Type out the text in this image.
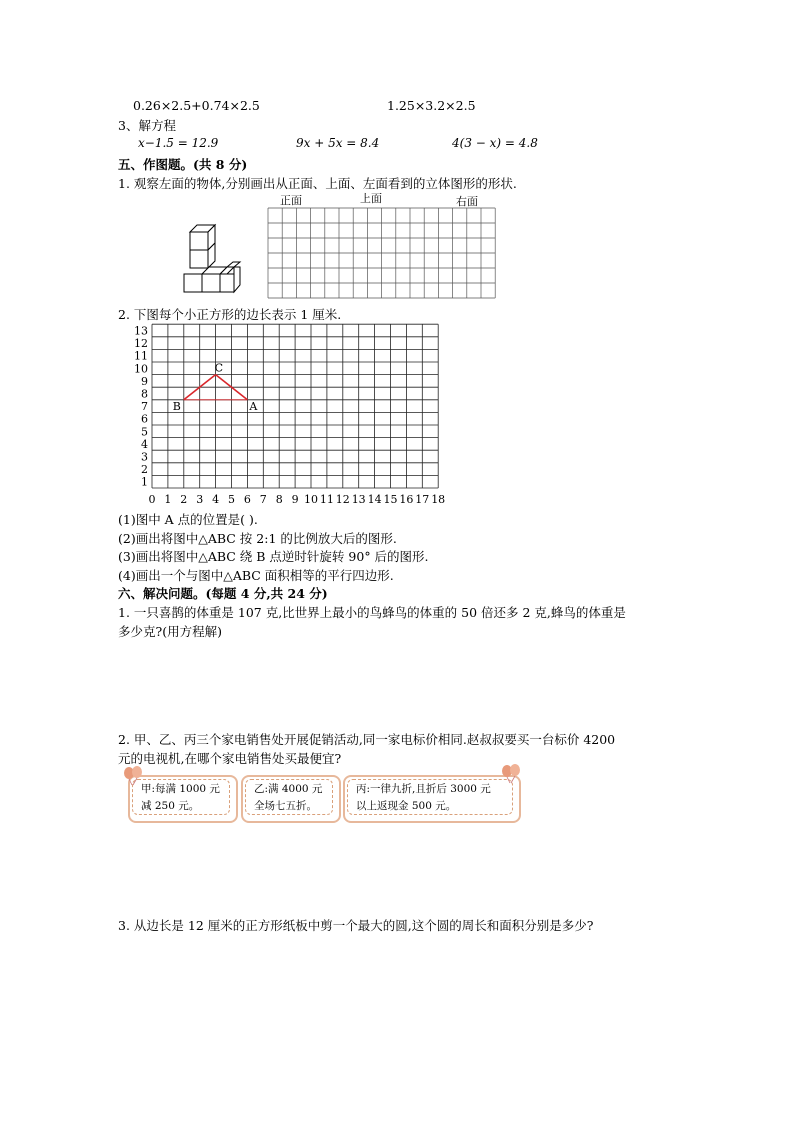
0.26×2.5+0.74×2.5	1.25×3.2×2.5
3、解方程
x−1.5 = 12.9	9x + 5x = 8.4	4(3 − x) = 4.8
五、作图题。(共 8 分)
1. 观察左面的物体,分别画出从正面、上面、左面看到的立体图形的形状.
正面	上面	右面
2. 下图每个小正方形的边长表示 1 厘米.
13
12
11
10
9
8
7
6
5
4
3
2
1
0 1 2 3 4 5 6 7 8 9 10 11 12 13 14 15 16 17 18
A
B
C
(1)图中 A 点的位置是( ).
(2)画出将图中△ABC 按 2:1 的比例放大后的图形.
(3)画出将图中△ABC 绕 B 点逆时针旋转 90° 后的图形.
(4)画出一个与图中△ABC 面积相等的平行四边形.
六、解决问题。(每题 4 分,共 24 分)
1. 一只喜鹊的体重是 107 克,比世界上最小的鸟蜂鸟的体重的 50 倍还多 2 克,蜂鸟的体重是
多少克?(用方程解)
2. 甲、乙、丙三个家电销售处开展促销活动,同一家电标价相同.赵叔叔要买一台标价 4200
元的电视机,在哪个家电销售处买最便宜?
甲:每满 1000 元
减 250 元。
乙:满 4000 元
全场七五折。
丙:一律九折,且折后 3000 元
以上返现金 500 元。
3. 从边长是 12 厘米的正方形纸板中剪一个最大的圆,这个圆的周长和面积分别是多少?
